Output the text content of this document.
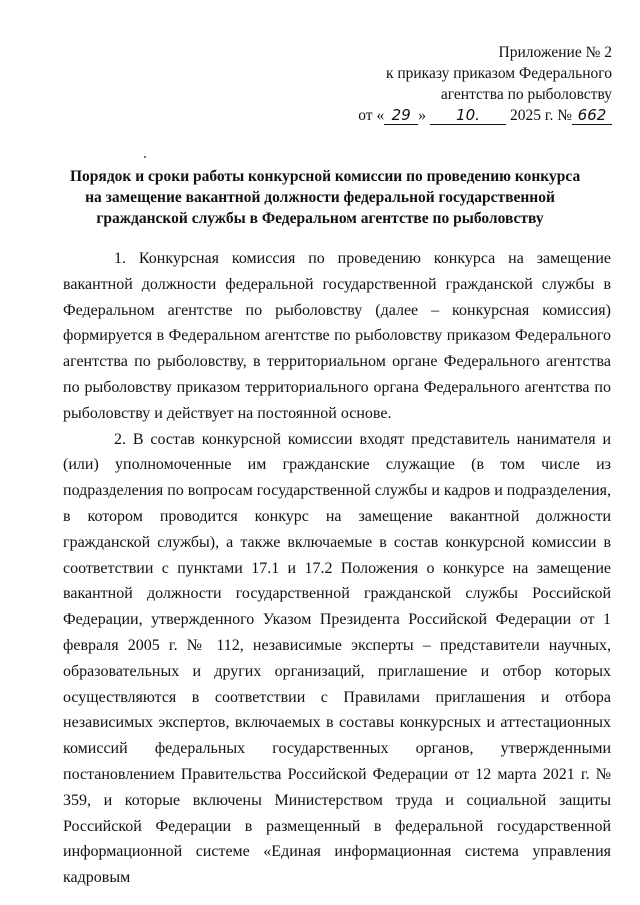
Приложение № 2
к приказу приказом Федерального
агентства по рыболовству
от « 29 » 10. 2025 г. № 662
Порядок и сроки работы конкурсной комиссии по проведению конкурса
на замещение вакантной должности федеральной государственной
гражданской службы в Федеральном агентстве по рыболовству

1. Конкурсная комиссия по проведению конкурса на замещение вакантной должности федеральной государственной гражданской службы в Федеральном агентстве по рыболовству (далее – конкурсная комиссия) формируется в Федеральном агентстве по рыболовству приказом Федерального агентства по рыболовству, в территориальном органе Федерального агентства по рыболовству приказом территориального органа Федерального агентства по рыболовству и действует на постоянной основе.

2. В состав конкурсной комиссии входят представитель нанимателя и (или) уполномоченные им гражданские служащие (в том числе из подразделения по вопросам государственной службы и кадров и подразделения, в котором проводится конкурс на замещение вакантной должности гражданской службы), а также включаемые в состав конкурсной комиссии в соответствии с пунктами 17.1 и 17.2 Положения о конкурсе на замещение вакантной должности государственной гражданской службы Российской Федерации, утвержденного Указом Президента Российской Федерации от 1 февраля 2005 г. № 112, независимые эксперты – представители научных, образовательных и других организаций, приглашение и отбор которых осуществляются в соответствии с Правилами приглашения и отбора независимых экспертов, включаемых в составы конкурсных и аттестационных комиссий федеральных государственных органов, утвержденными постановлением Правительства Российской Федерации от 12 марта 2021 г. № 359, и которые включены Министерством труда и социальной защиты Российской Федерации в размещенный в федеральной государственной информационной системе «Единая информационная система управления кадровым
